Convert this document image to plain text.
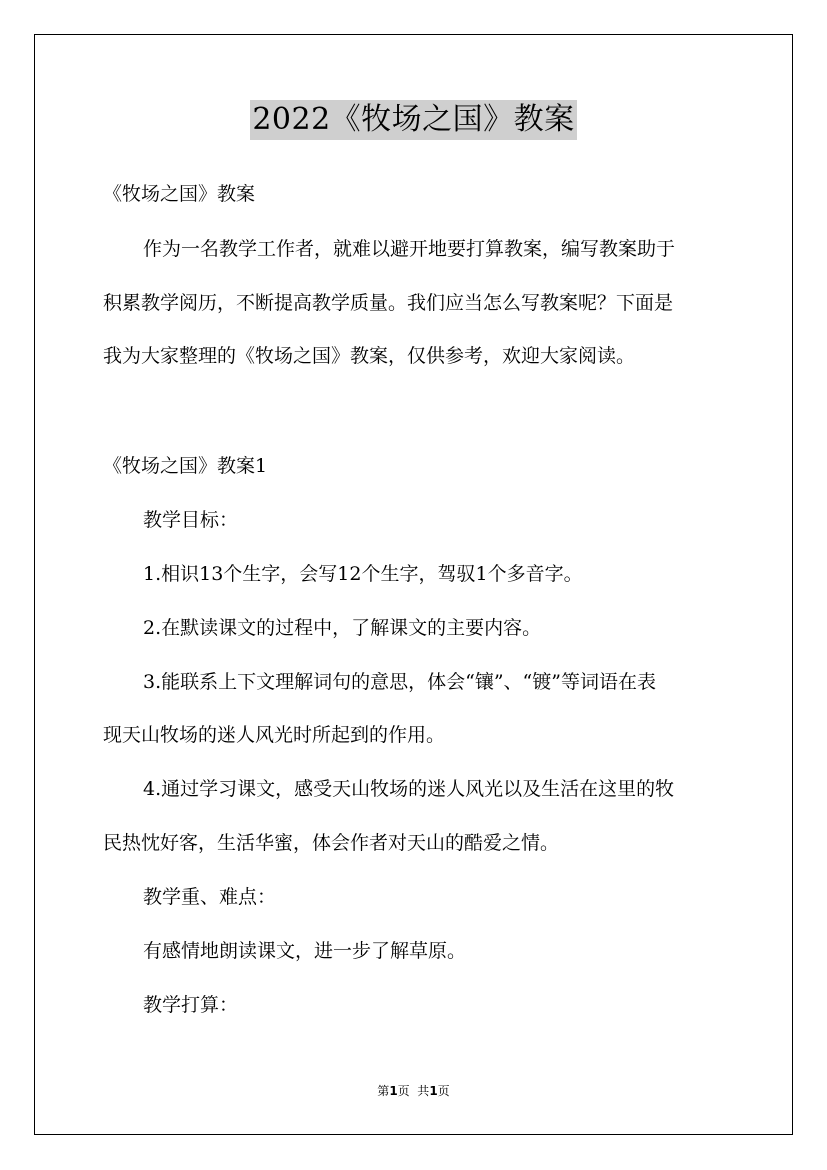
2022《牧场之国》教案
《牧场之国》教案
作为一名教学工作者，就难以避开地要打算教案，编写教案助于
积累教学阅历，不断提高教学质量。我们应当怎么写教案呢？下面是
我为大家整理的《牧场之国》教案，仅供参考，欢迎大家阅读。
《牧场之国》教案1
教学目标：
1.相识13个生字，会写12个生字，驾驭1个多音字。
2.在默读课文的过程中，了解课文的主要内容。
3.能联系上下文理解词句的意思，体会“镶”、“镀”等词语在表
现天山牧场的迷人风光时所起到的作用。
4.通过学习课文，感受天山牧场的迷人风光以及生活在这里的牧
民热忱好客，生活华蜜，体会作者对天山的酷爱之情。
教学重、难点：
有感情地朗读课文，进一步了解草原。
教学打算：
第1页  共1页
